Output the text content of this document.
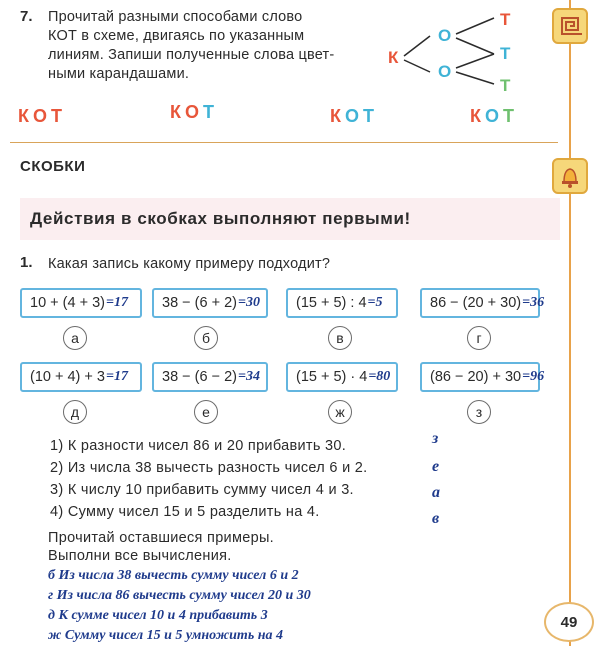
7. Прочитай разными способами слово
КОТ в схеме, двигаясь по указанным
линиям. Запиши полученные слова цвет-
ными карандашами.
К
О
О
Т
Т
Т
КОТ	КОТ	КОТ	КОТ
СКОБКИ
Действия в скобках выполняют первыми!
1. Какая запись какому примеру подходит?
10 + (4 + 3) =17 38 − (6 + 2) =30 (15 + 5) : 4 =5	86 − (20 + 30) =36
а	б	в	г
(10 + 4) + 3 =17 38 − (6 − 2) =34 (15 + 5) · 4 =80	(86 − 20) + 30 =96
д	е	ж	з
1) К разности чисел 86 и 20 прибавить 30.
2) Из числа 38 вычесть разность чисел 6 и 2.
3) К числу 10 прибавить сумму чисел 4 и 3.
4) Сумму чисел 15 и 5 разделить на 4.
з
е
а
в
Прочитай оставшиеся примеры.
Выполни все вычисления.
б Из числа 38 вычесть сумму чисел 6 и 2
г Из числа 86 вычесть сумму чисел 20 и 30
д К сумме чисел 10 и 4 прибавить 3
ж Сумму чисел 15 и 5 умножить на 4
49
